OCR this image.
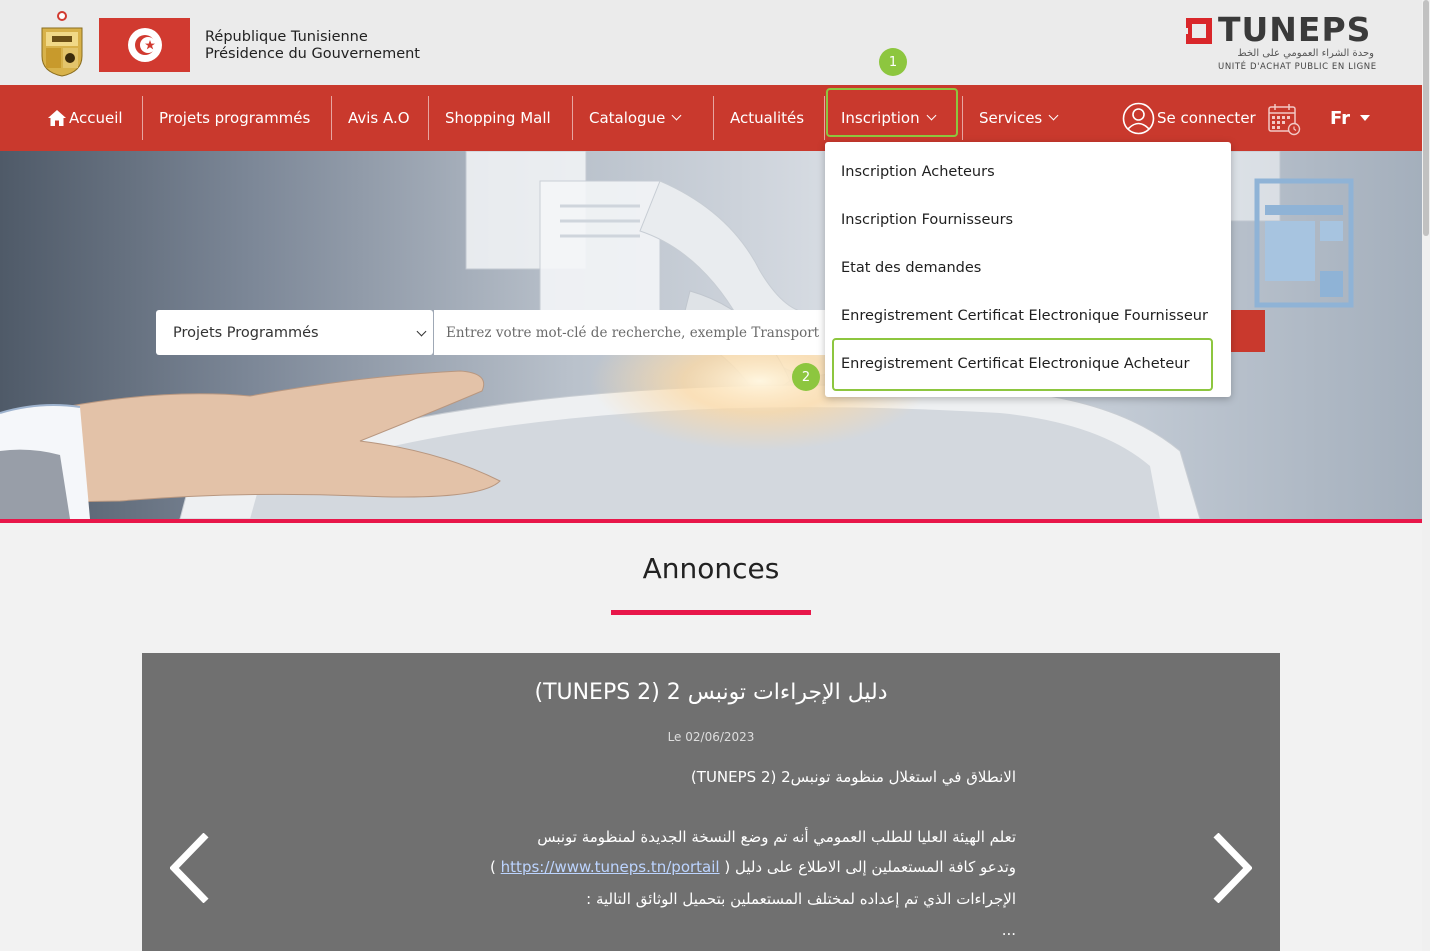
République Tunisienne
Présidence du Gouvernement
TUNEPS
وحدة الشراء العمومي على الخط
UNITÉ D'ACHAT PUBLIC EN LIGNE
Accueil Projets programmés	Avis A.O Shopping Mall	Catalogue	Actualités Inscription	Services	Se connecter	Fr
Projets Programmés
Entrez votre mot-clé de recherche, exemple Transport
1
Inscription Acheteurs
Inscription Fournisseurs
Etat des demandes
Enregistrement Certificat Electronique Fournisseur
Enregistrement Certificat Electronique Acheteur
2
Annonces
دليل الإجراءات تونبس 2 (TUNEPS 2)
Le 02/06/2023
الانطلاق في استغلال منظومة تونبس2 (TUNEPS 2)
تعلم الهيئة العليا للطلب العمومي أنه تم وضع النسخة الجديدة لمنظومة تونبس
وتدعو كافة المستعملين إلى الاطلاع على دليل ( https://www.tuneps.tn/portail )
الإجراءات الذي تم إعداده لمختلف المستعملين بتحميل الوثائق التالية :
...
